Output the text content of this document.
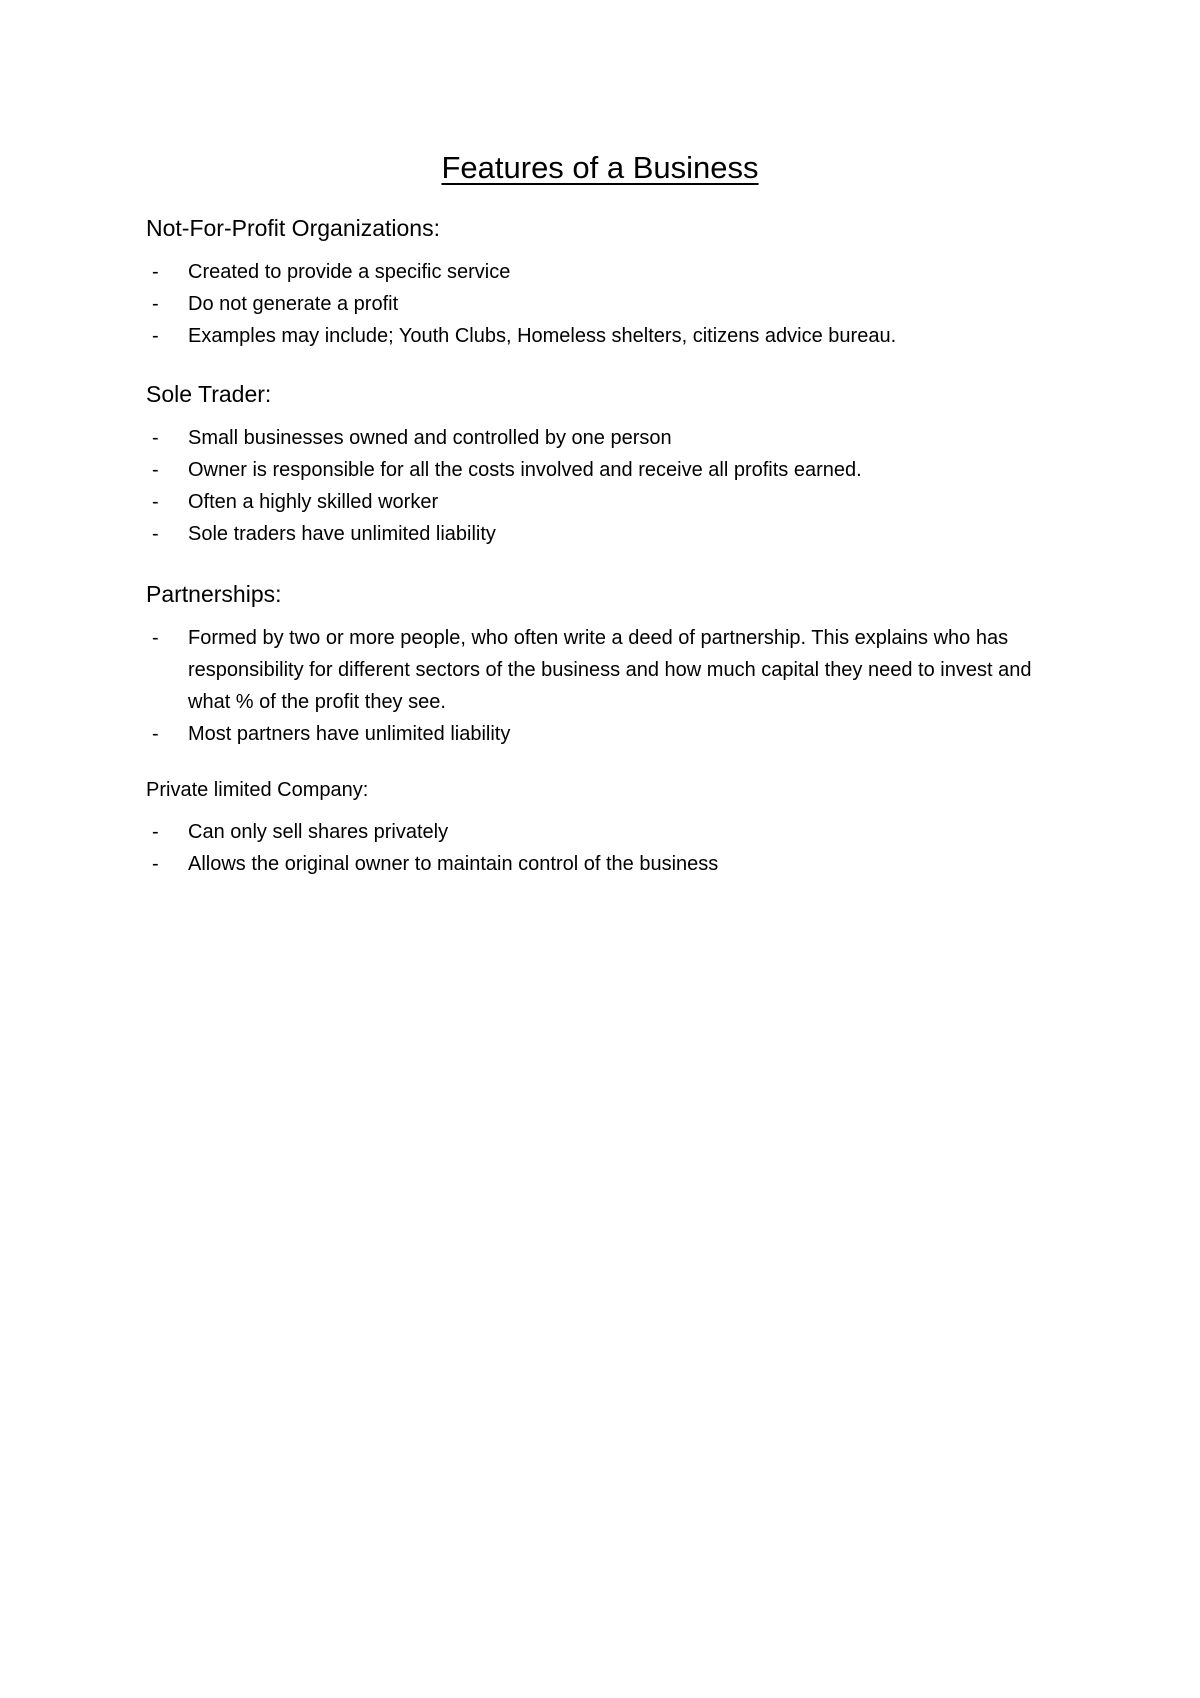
Features of a Business
Not-For-Profit Organizations:
- Created to provide a specific service
- Do not generate a profit
- Examples may include; Youth Clubs, Homeless shelters, citizens advice bureau.
Sole Trader:
- Small businesses owned and controlled by one person
- Owner is responsible for all the costs involved and receive all profits earned.
- Often a highly skilled worker
- Sole traders have unlimited liability
Partnerships:
- Formed by two or more people, who often write a deed of partnership. This explains who has responsibility for different sectors of the business and how much capital they need to invest and what % of the profit they see.
- Most partners have unlimited liability
Private limited Company:
- Can only sell shares privately
- Allows the original owner to maintain control of the business
